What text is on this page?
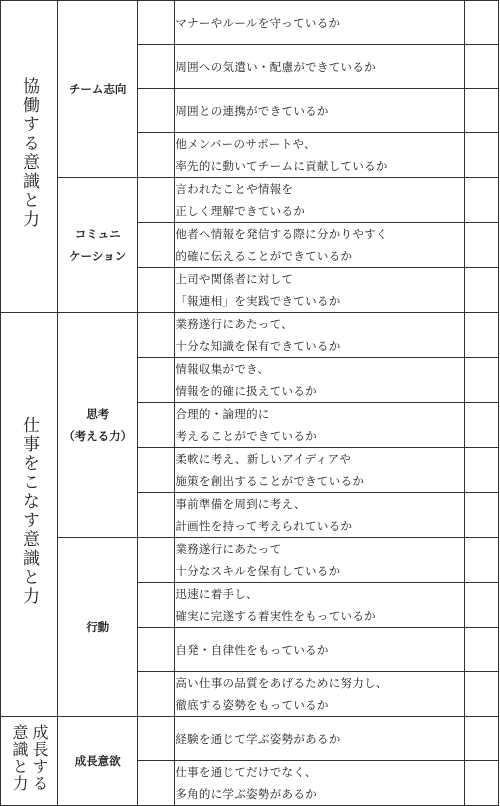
協働する意識と力	チーム志向		マナーやルールを守っているか	
			周囲への気遣い・配慮ができているか	
			周囲との連携ができているか	
			他メンバーのサポートや、
率先的に動いてチームに貢献しているか	
	コミュニ
ケーション		言われたことや情報を
正しく理解できているか	
			他者へ情報を発信する際に分かりやすく
的確に伝えることができているか	
			上司や関係者に対して
「報連相」を実践できているか	
仕事をこなす意識と力	思考
（考える力）		業務遂行にあたって、
十分な知識を保有できているか	
			情報収集ができ、
情報を的確に扱えているか	
			合理的・論理的に
考えることができているか	
			柔軟に考え、新しいアイディアや
施策を創出することができているか	
			事前準備を周到に考え、
計画性を持って考えられているか	
	行動		業務遂行にあたって
十分なスキルを保有しているか	
			迅速に着手し、
確実に完遂する着実性をもっているか	
			自発・自律性をもっているか	
			高い仕事の品質をあげるために努力し、
徹底する姿勢をもっているか	
成長する意識と力	成長意欲		経験を通じて学ぶ姿勢があるか	
			仕事を通じてだけでなく、
多角的に学ぶ姿勢があるか	
